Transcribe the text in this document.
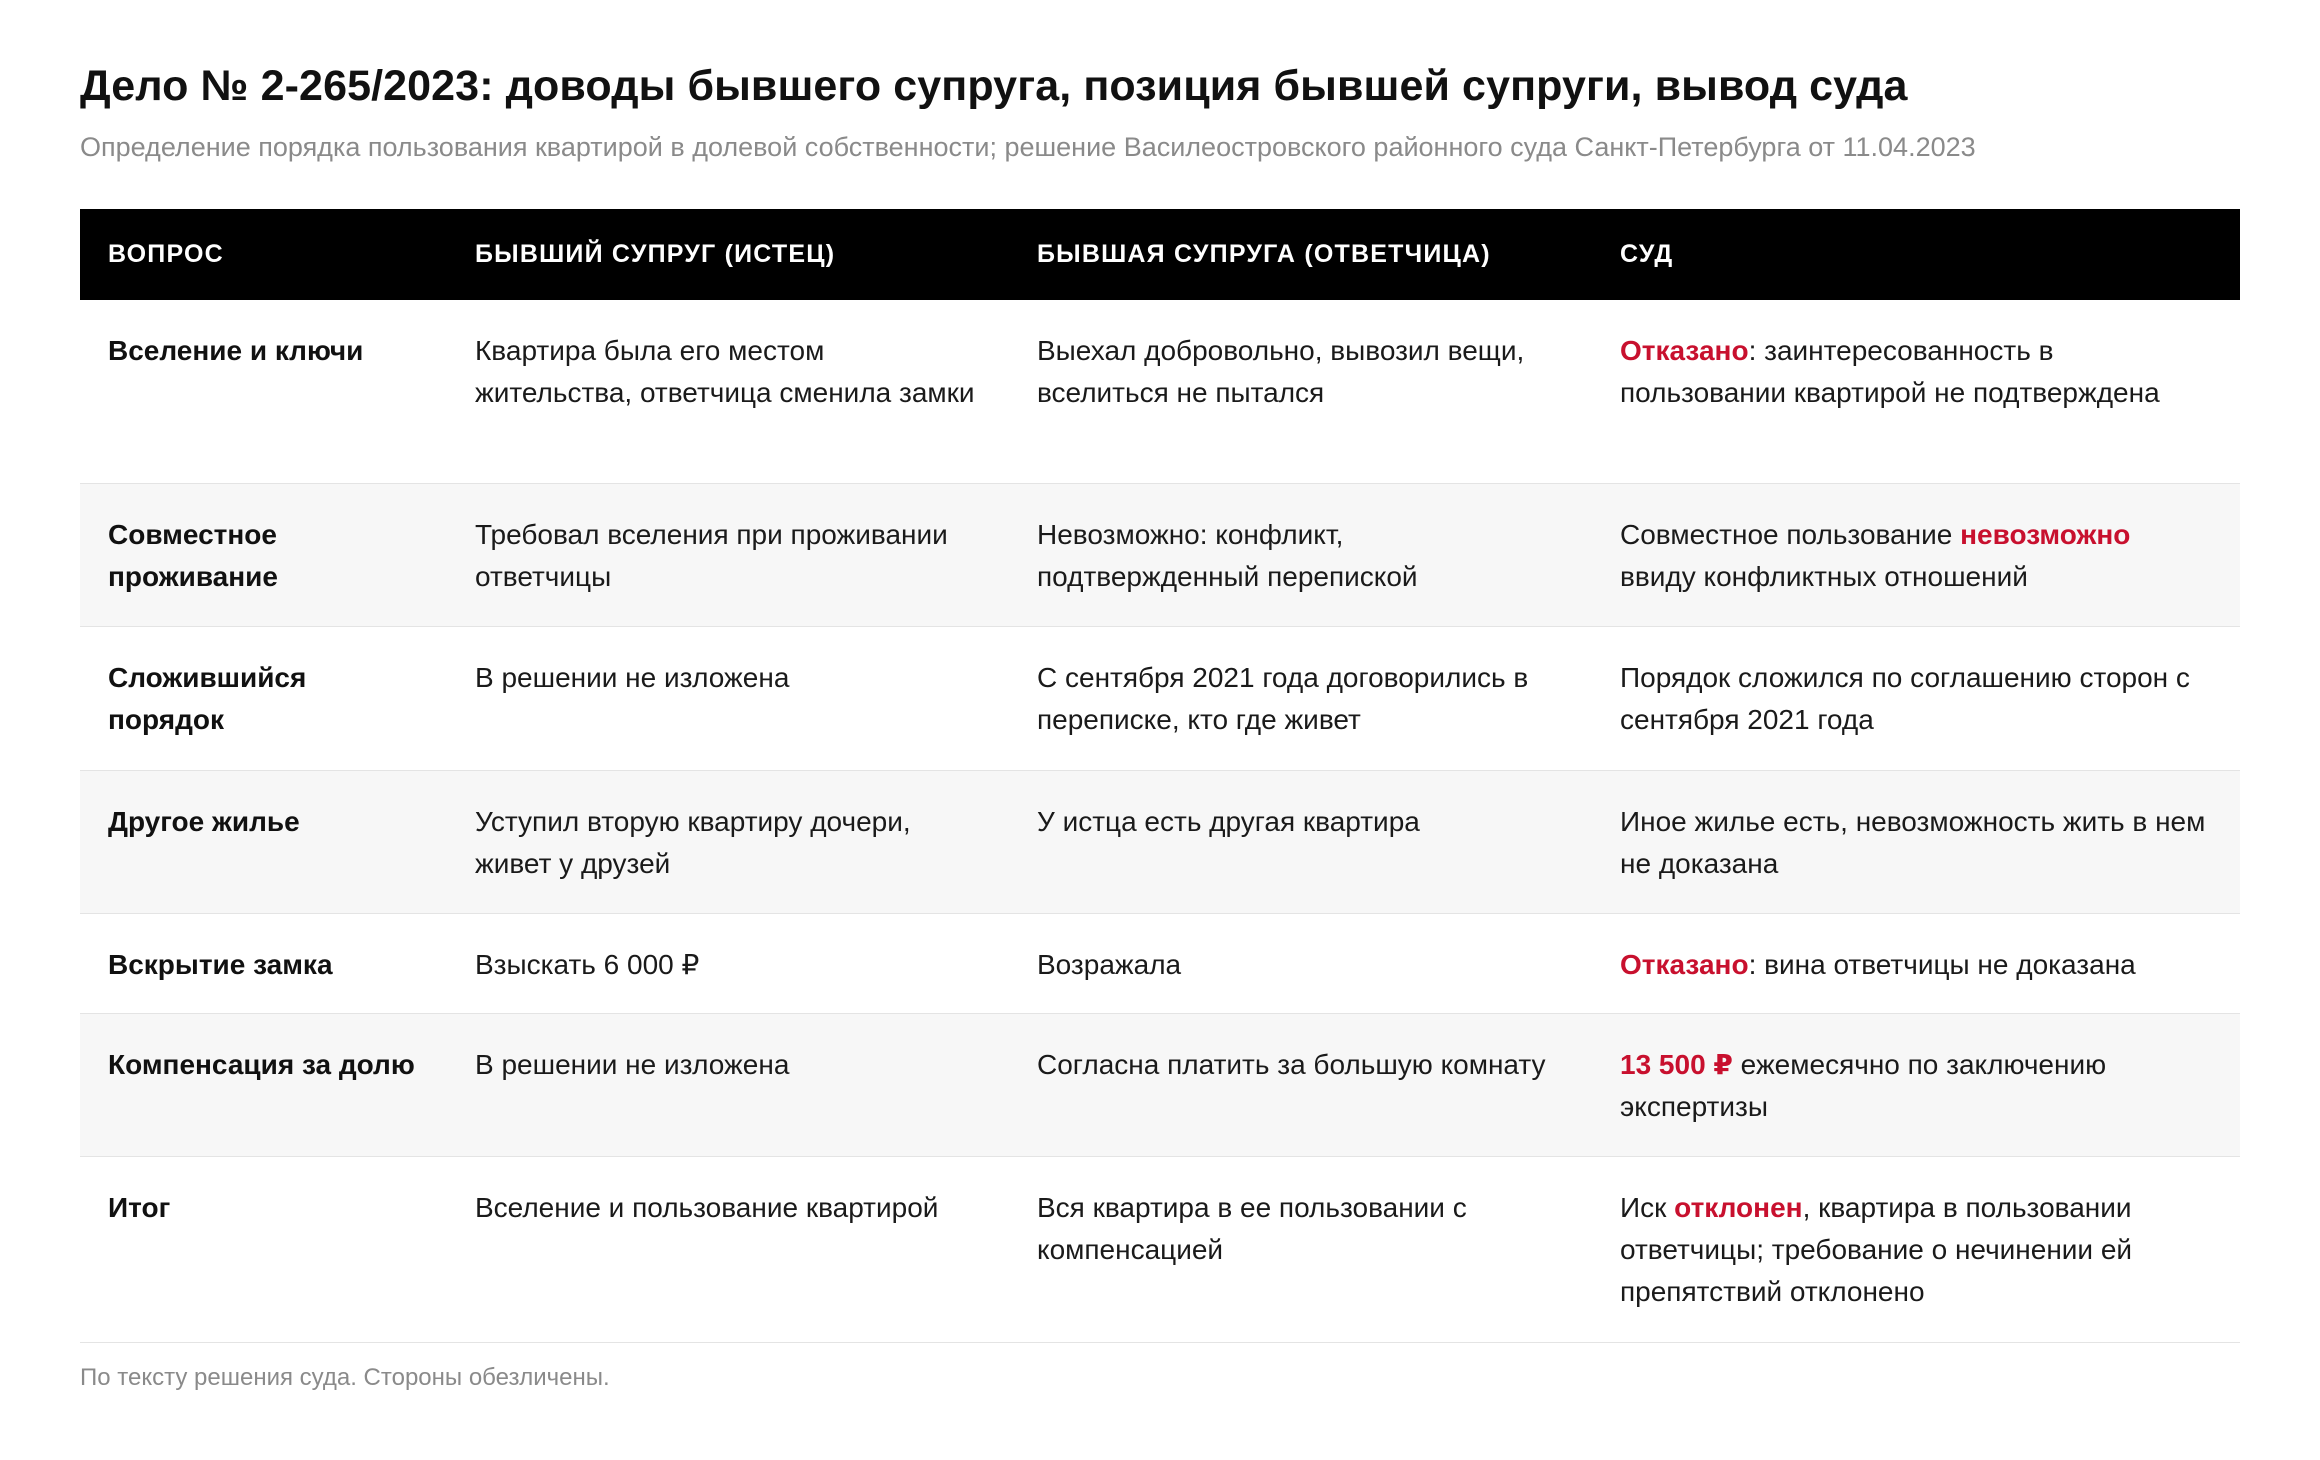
Дело № 2-265/2023: доводы бывшего супруга, позиция бывшей супруги, вывод суда

Определение порядка пользования квартирой в долевой собственности; решение Василеостровского районного суда Санкт-Петербурга от 11.04.2023

ВОПРОС	БЫВШИЙ СУПРУГ (ИСТЕЦ)	БЫВШАЯ СУПРУГА (ОТВЕТЧИЦА)	СУД
Вселение и ключи	Квартира была его местом жительства, ответчица сменила замки	Выехал добровольно, вывозил вещи, вселиться не пытался	Отказано: заинтересованность в пользовании квартирой не подтверждена
Совместное проживание	Требовал вселения при проживании ответчицы	Невозможно: конфликт, подтвержденный перепиской	Совместное пользование невозможно ввиду конфликтных отношений
Сложившийся порядок	В решении не изложена	С сентября 2021 года договорились в переписке, кто где живет	Порядок сложился по соглашению сторон с сентября 2021 года
Другое жилье	Уступил вторую квартиру дочери, живет у друзей	У истца есть другая квартира	Иное жилье есть, невозможность жить в нем не доказана
Вскрытие замка	Взыскать 6 000 ₽	Возражала	Отказано: вина ответчицы не доказана
Компенсация за долю	В решении не изложена	Согласна платить за большую комнату	13 500 ₽ ежемесячно по заключению экспертизы
Итог	Вселение и пользование квартирой	Вся квартира в ее пользовании с компенсацией	Иск отклонен, квартира в пользовании ответчицы; требование о нечинении ей препятствий отклонено

По тексту решения суда. Стороны обезличены.
